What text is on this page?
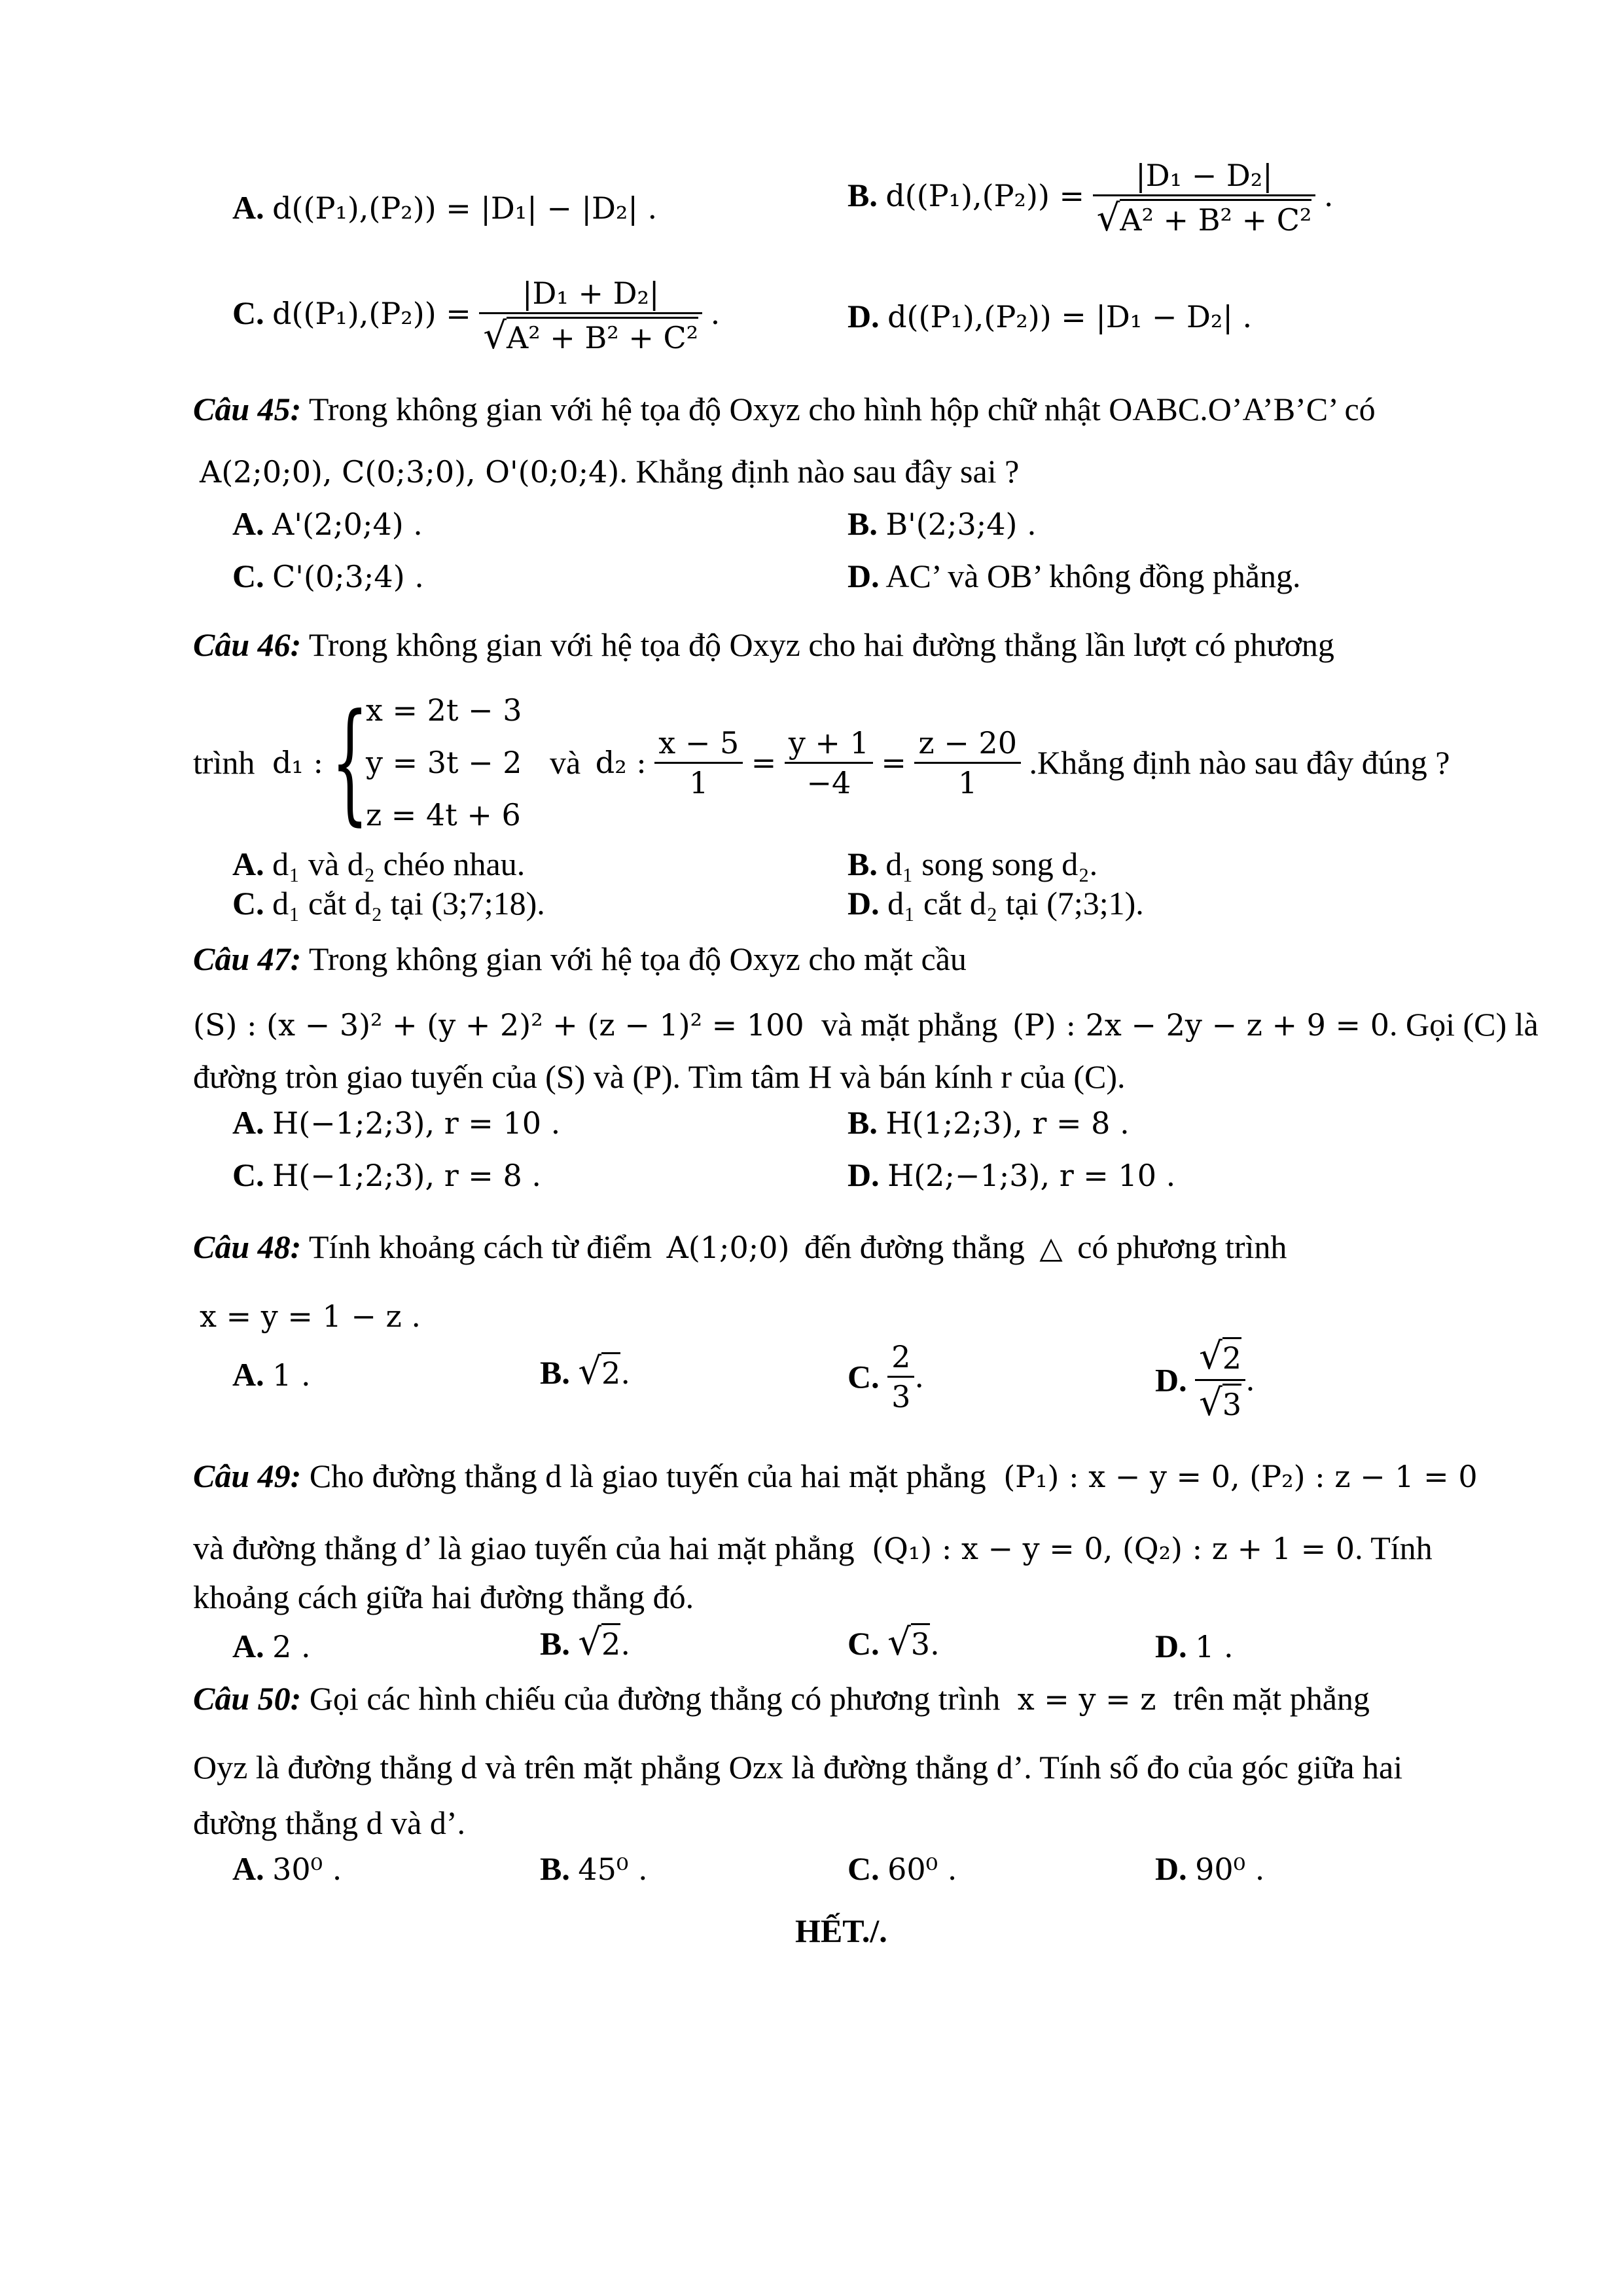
A. d((P₁),(P₂)) = |D₁| − |D₂| .	B. $d((P_1),(P_2)) = \frac{\text{|D₁ − D₂|}}{\text{√A² + B² + C²}}$ .
C. $d((P_1),(P_2)) = \frac{\text{|D₁ + D₂|}}{\text{√A² + B² + C²}}$ .	D. d((P₁),(P₂)) = |D₁ − D₂| .
Câu 45: Trong không gian với hệ tọa độ Oxyz cho hình hộp chữ nhật OABC.O’A’B’C’ có
A(2;0;0), C(0;3;0), O'(0;0;4). Khẳng định nào sau đây sai ?
A. A'(2;0;4) .	B. B'(2;3;4) .
C. C'(0;3;4) .	D. AC’ và OB’ không đồng phẳng.
Câu 46: Trong không gian với hệ tọa độ Oxyz cho hai đường thẳng lần lượt có phương
trình d₁ : {
x = 2t − 3
y = 3t − 2
z = 4t + 6
và d₂ : $\frac{x - 5}{1} = \frac{y + 1}{-4} = \frac{z - 20}{1}$ .Khẳng định nào sau đây đúng ?
A. d₁ và d₂ chéo nhau.	B. d₁ song song d₂.
C. d₁ cắt d₂ tại (3;7;18).	D. d₁ cắt d₂ tại (7;3;1).
Câu 47: Trong không gian với hệ tọa độ Oxyz cho mặt cầu
(S) : (x − 3)² + (y + 2)² + (z − 1)² = 100 và mặt phẳng (P) : 2x − 2y − z + 9 = 0. Gọi (C) là
đường tròn giao tuyến của (S) và (P). Tìm tâm H và bán kính r của (C).
A. H(−1;2;3), r = 10 .	B. H(1;2;3), r = 8 .
C. H(−1;2;3), r = 8 .	D. H(2;−1;3), r = 10 .
Câu 48: Tính khoảng cách từ điểm A(1;0;0) đến đường thẳng △ có phương trình
x = y = 1 − z .
A. 1 .	B. √2.	C. $\frac{2}{3}$ .	D. $\frac{√2}{√3}$ .
Câu 49: Cho đường thẳng d là giao tuyến của hai mặt phẳng (P₁) : x − y = 0, (P₂) : z − 1 = 0
và đường thẳng d’ là giao tuyến của hai mặt phẳng (Q₁) : x − y = 0, (Q₂) : z + 1 = 0. Tính
khoảng cách giữa hai đường thẳng đó.
A. 2 .	B. √2.	C. √3.	D. 1 .
Câu 50: Gọi các hình chiếu của đường thẳng có phương trình x = y = z trên mặt phẳng
Oyz là đường thẳng d và trên mặt phẳng Ozx là đường thẳng d’. Tính số đo của góc giữa hai
đường thẳng d và d’.
A. 30⁰ .	B. 45⁰ .	C. 60⁰ .	D. 90⁰ .
HẾT./.
